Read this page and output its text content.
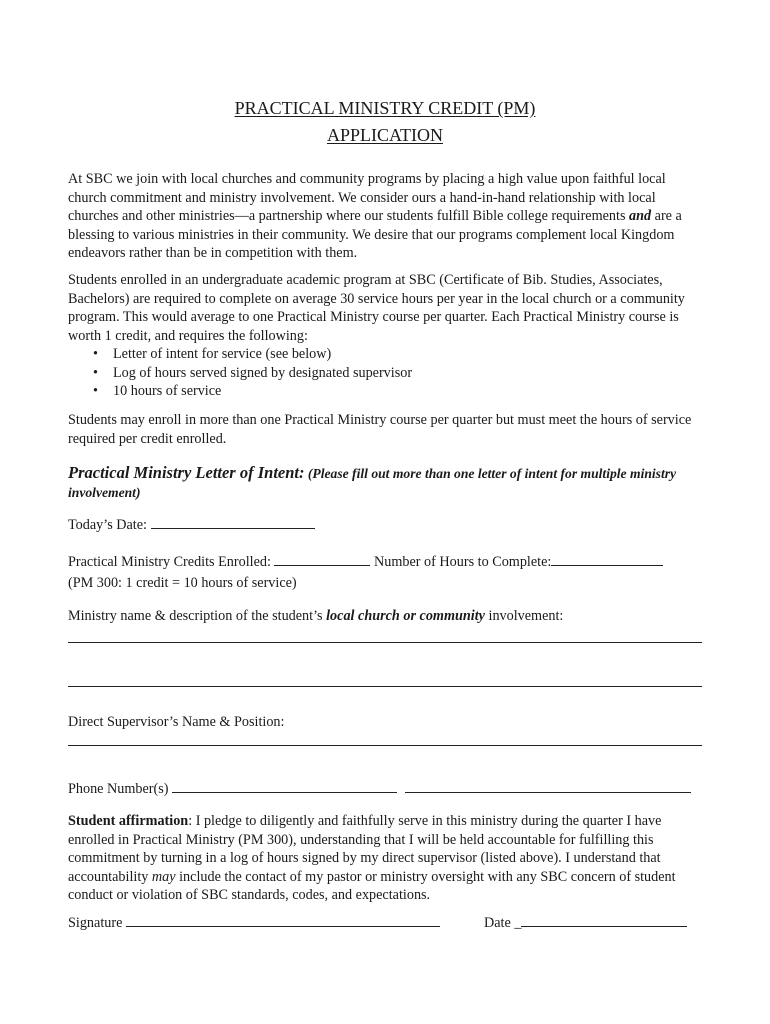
PRACTICAL MINISTRY CREDIT (PM)
APPLICATION

At SBC we join with local churches and community programs by placing a high value upon faithful local church commitment and ministry involvement. We consider ours a hand-in-hand relationship with local churches and other ministries—a partnership where our students fulfill Bible college requirements and are a blessing to various ministries in their community. We desire that our programs complement local Kingdom endeavors rather than be in competition with them.

Students enrolled in an undergraduate academic program at SBC (Certificate of Bib. Studies, Associates, Bachelors) are required to complete on average 30 service hours per year in the local church or a community program. This would average to one Practical Ministry course per quarter. Each Practical Ministry course is worth 1 credit, and requires the following:

• Letter of intent for service (see below)
• Log of hours served signed by designated supervisor
• 10 hours of service

Students may enroll in more than one Practical Ministry course per quarter but must meet the hours of service required per credit enrolled.

Practical Ministry Letter of Intent: (Please fill out more than one letter of intent for multiple ministry involvement)
Today’s Date:
Practical Ministry Credits Enrolled:	Number of Hours to Complete:
(PM 300: 1 credit = 10 hours of service)
Ministry name & description of the student’s local church or community involvement:
Direct Supervisor’s Name & Position:
Phone Number(s)

Student affirmation: I pledge to diligently and faithfully serve in this ministry during the quarter I have enrolled in Practical Ministry (PM 300), understanding that I will be held accountable for fulfilling this commitment by turning in a log of hours signed by my direct supervisor (listed above). I understand that accountability may include the contact of my pastor or ministry oversight with any SBC concern of student conduct or violation of SBC standards, codes, and expectations.

Signature	Date _
